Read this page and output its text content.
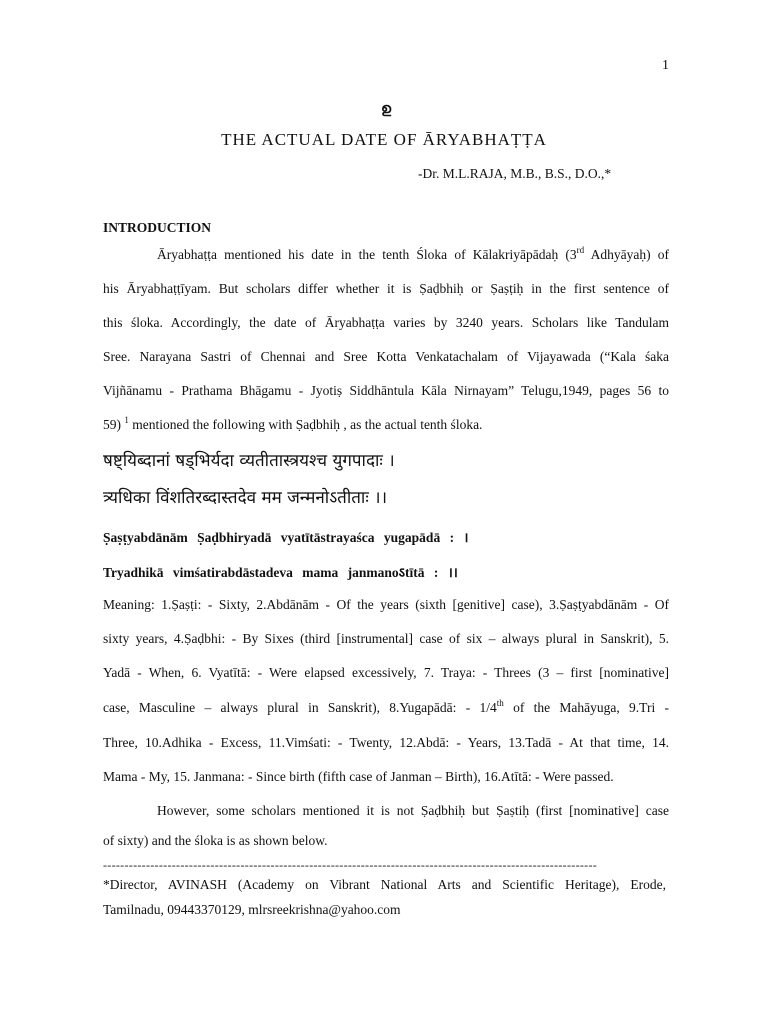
1
ഉ
THE ACTUAL DATE OF ĀRYABHAṬṬA
-Dr. M.L.RAJA, M.B., B.S., D.O.,*
INTRODUCTION
Āryabhaṭṭa mentioned his date in the tenth Śloka of Kālakriyāpādaḥ (3rd Adhyāyaḥ) of
his Āryabhaṭṭīyam. But scholars differ whether it is Ṣaḍbhiḥ or Ṣaṣṭiḥ in the first sentence of
this śloka. Accordingly, the date of Āryabhaṭṭa varies by 3240 years. Scholars like Tandulam
Sree. Narayana Sastri of Chennai and Sree Kotta Venkatachalam of Vijayawada (“Kala śaka
Vijñānamu - Prathama Bhāgamu - Jyotiṣ Siddhāntula Kāla Nirnayam” Telugu,1949, pages 56 to
59) $^1$ mentioned the following with Ṣaḍbhiḥ , as the actual tenth śloka.
षष्ट्यिब्दानां षड्भिर्यदा व्यतीतास्त्रयश्च युगपादाः ।
त्र्यधिका विंशतिरब्दास्तदेव मम जन्मनोऽतीताः ।।
Ṣaṣṭyabdānām Ṣaḍbhiryadā vyatītāstrayaśca yugapādā : ।
Tryadhikā vimśatirabdāstadeva mama janmanoऽtītā : ।।
Meaning: 1.Ṣaṣṭi: - Sixty, 2.Abdānām - Of the years (sixth [genitive] case), 3.Ṣaṣṭyabdānām - Of
sixty years, 4.Ṣaḍbhi: - By Sixes (third [instrumental] case of six – always plural in Sanskrit), 5.
Yadā - When, 6. Vyatītā: - Were elapsed excessively, 7. Traya: - Threes (3 – first [nominative]
case, Masculine – always plural in Sanskrit), 8.Yugapādā: - 1/4th of the Mahāyuga, 9.Tri -
Three, 10.Adhika - Excess, 11.Vimśati: - Twenty, 12.Abdā: - Years, 13.Tadā - At that time, 14.
Mama - My, 15. Janmana: - Since birth (fifth case of Janman – Birth), 16.Atītā: - Were passed.
However, some scholars mentioned it is not Ṣaḍbhiḥ but Ṣaṣtiḥ (first [nominative] case
of sixty) and the śloka is as shown below.
-------------------------------------------------------------------------------------------------------------------
*Director, AVINASH (Academy on Vibrant National Arts and Scientific Heritage), Erode,
Tamilnadu, 09443370129, mlrsreekrishna@yahoo.com
